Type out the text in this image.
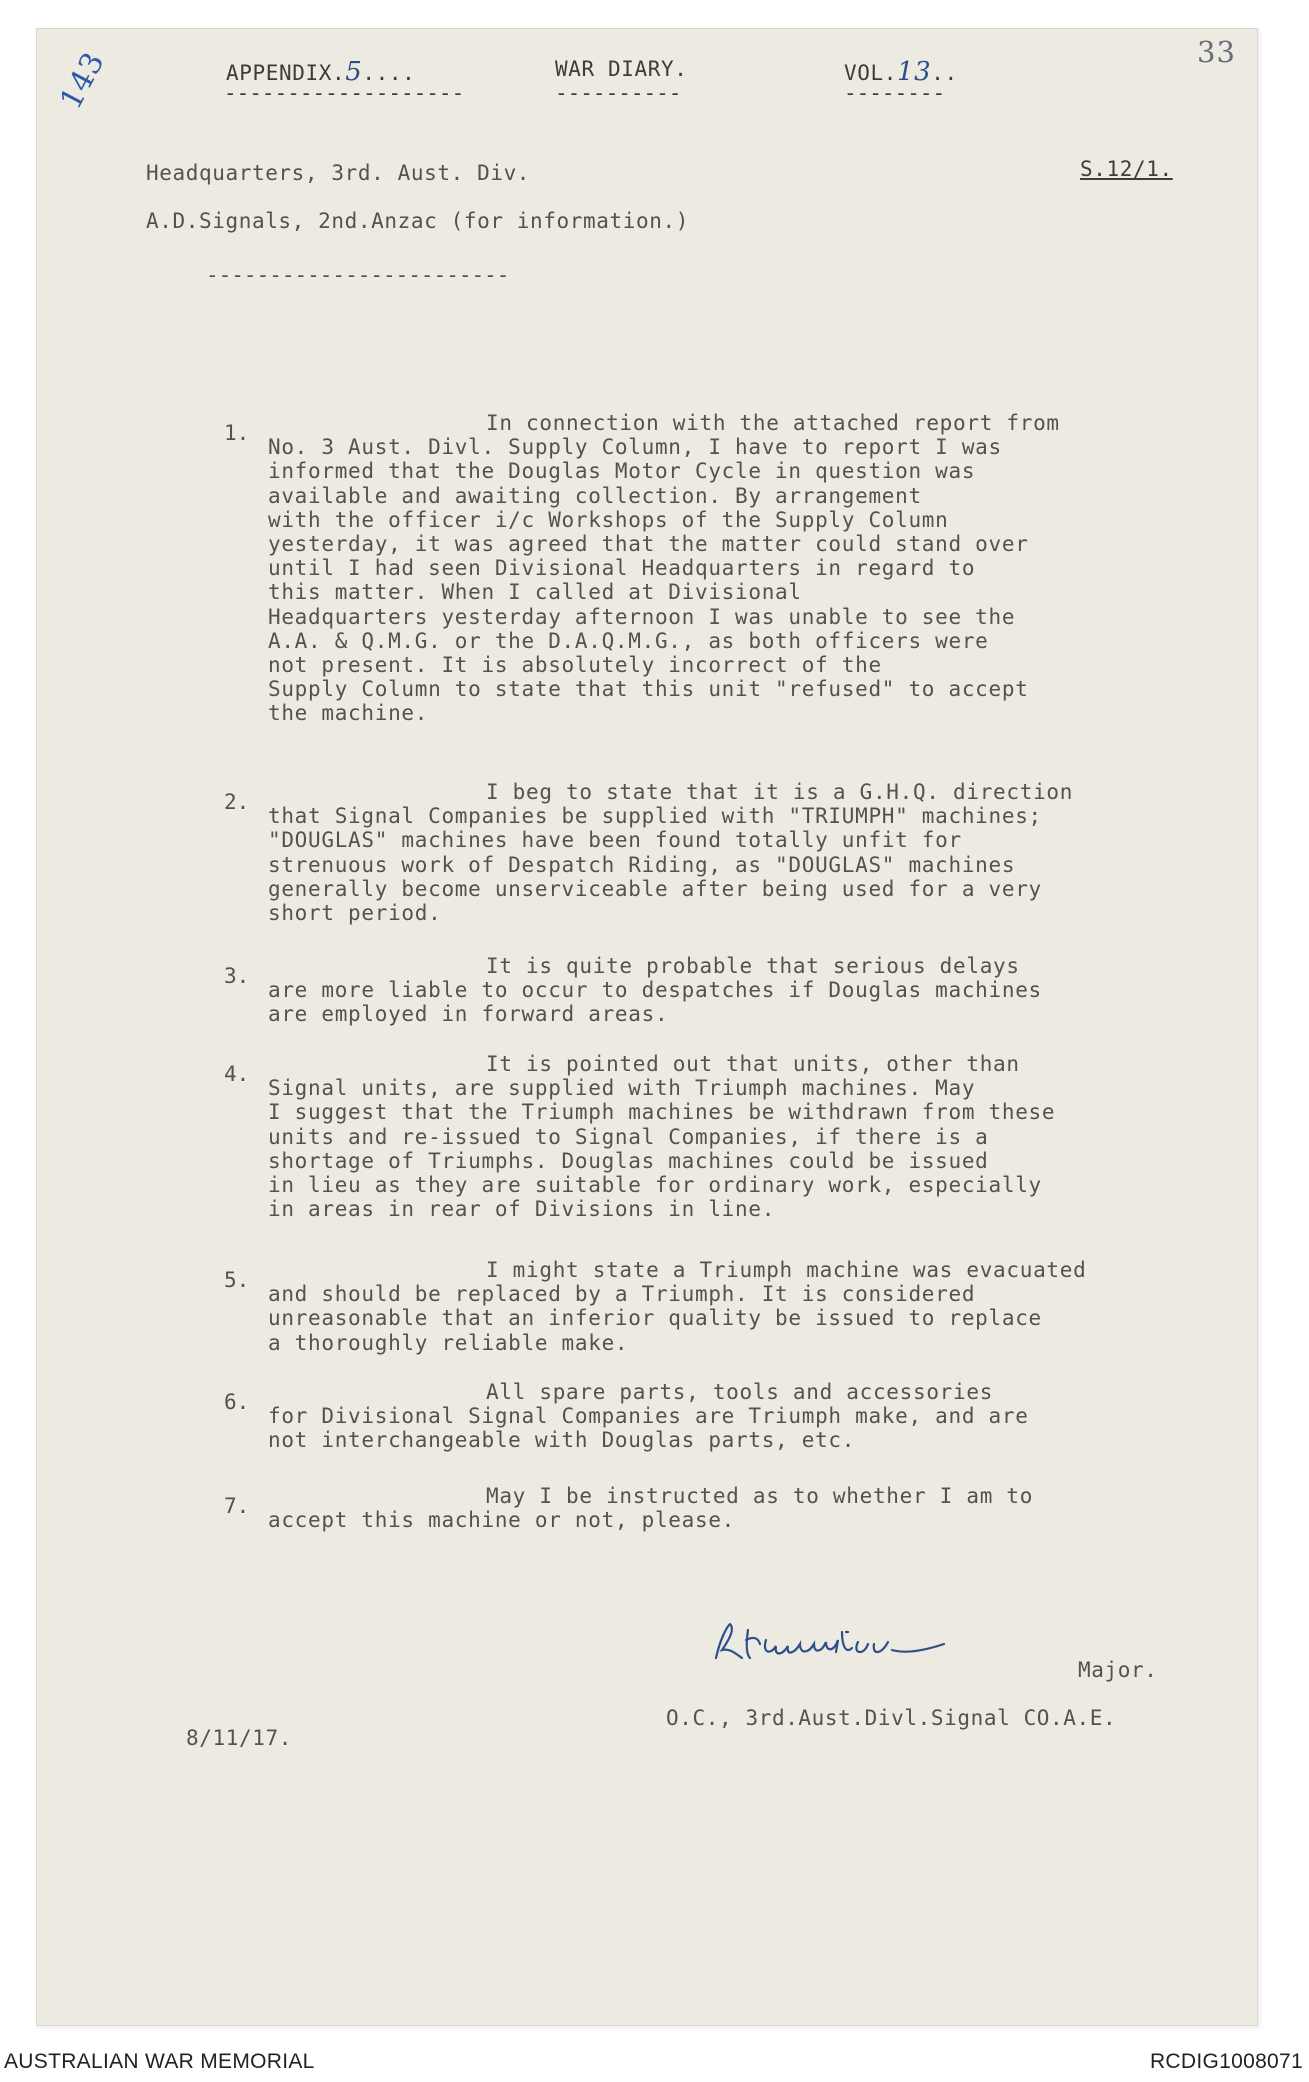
APPENDIX.5....
-------------------
WAR DIARY.
----------
VOL.13..
--------
33
143
Headquarters, 3rd. Aust. Div.	S.12/1.
A.D.Signals, 2nd.Anzac (for information.)
------------------------
1.	In connection with the attached report from
No. 3 Aust. Divl. Supply Column, I have to report I was
informed that the Douglas Motor Cycle in question was
available and awaiting collection. By arrangement
with the officer i/c Workshops of the Supply Column
yesterday, it was agreed that the matter could stand over
until I had seen Divisional Headquarters in regard to
this matter. When I called at Divisional
Headquarters yesterday afternoon I was unable to see the
A.A. & Q.M.G. or the D.A.Q.M.G., as both officers were
not present. It is absolutely incorrect of the
Supply Column to state that this unit "refused" to accept
the machine.
2.	I beg to state that it is a G.H.Q. direction
that Signal Companies be supplied with "TRIUMPH" machines;
"DOUGLAS" machines have been found totally unfit for
strenuous work of Despatch Riding, as "DOUGLAS" machines
generally become unserviceable after being used for a very
short period.
3.	It is quite probable that serious delays
are more liable to occur to despatches if Douglas machines
are employed in forward areas.
4.	It is pointed out that units, other than
Signal units, are supplied with Triumph machines. May
I suggest that the Triumph machines be withdrawn from these
units and re-issued to Signal Companies, if there is a
shortage of Triumphs. Douglas machines could be issued
in lieu as they are suitable for ordinary work, especially
in areas in rear of Divisions in line.
5.	I might state a Triumph machine was evacuated
and should be replaced by a Triumph. It is considered
unreasonable that an inferior quality be issued to replace
a thoroughly reliable make.
6.	All spare parts, tools and accessories
for Divisional Signal Companies are Triumph make, and are
not interchangeable with Douglas parts, etc.
7.	May I be instructed as to whether I am to
accept this machine or not, please.
Major.
O.C., 3rd.Aust.Divl.Signal CO.A.E.
8/11/17.
AUSTRALIAN WAR MEMORIAL	RCDIG1008071
